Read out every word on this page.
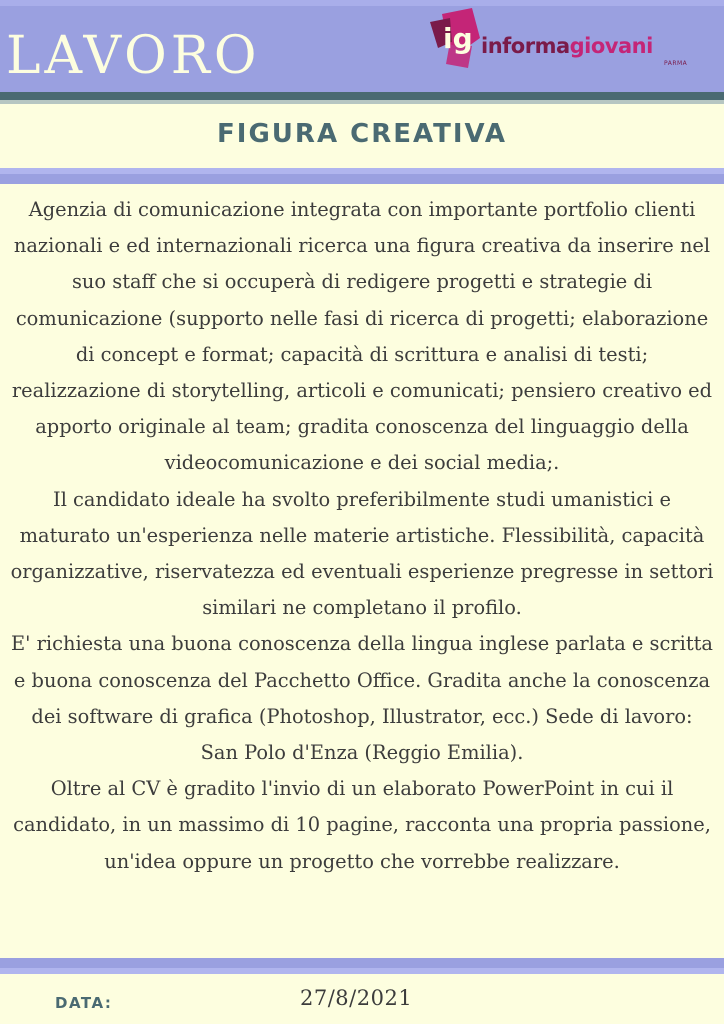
LAVORO	ig informagiovani
PARMA
FIGURA CREATIVA

Agenzia di comunicazione integrata con importante portfolio clienti nazionali e ed internazionali ricerca una figura creativa da inserire nel suo staff che si occuperà di redigere progetti e strategie di comunicazione (supporto nelle fasi di ricerca di progetti; elaborazione di concept e format; capacità di scrittura e analisi di testi; realizzazione di storytelling, articoli e comunicati; pensiero creativo ed apporto originale al team; gradita conoscenza del linguaggio della videocomunicazione e dei social media;.

Il candidato ideale ha svolto preferibilmente studi umanistici e maturato un'esperienza nelle materie artistiche. Flessibilità, capacità organizzative, riservatezza ed eventuali esperienze pregresse in settori similari ne completano il profilo.

E' richiesta una buona conoscenza della lingua inglese parlata e scritta e buona conoscenza del Pacchetto Office. Gradita anche la conoscenza dei software di grafica (Photoshop, Illustrator, ecc.) Sede di lavoro: San Polo d'Enza (Reggio Emilia).

Oltre al CV è gradito l'invio di un elaborato PowerPoint in cui il candidato, in un massimo di 10 pagine, racconta una propria passione, un'idea oppure un progetto che vorrebbe realizzare.

DATA:	27/8/2021
